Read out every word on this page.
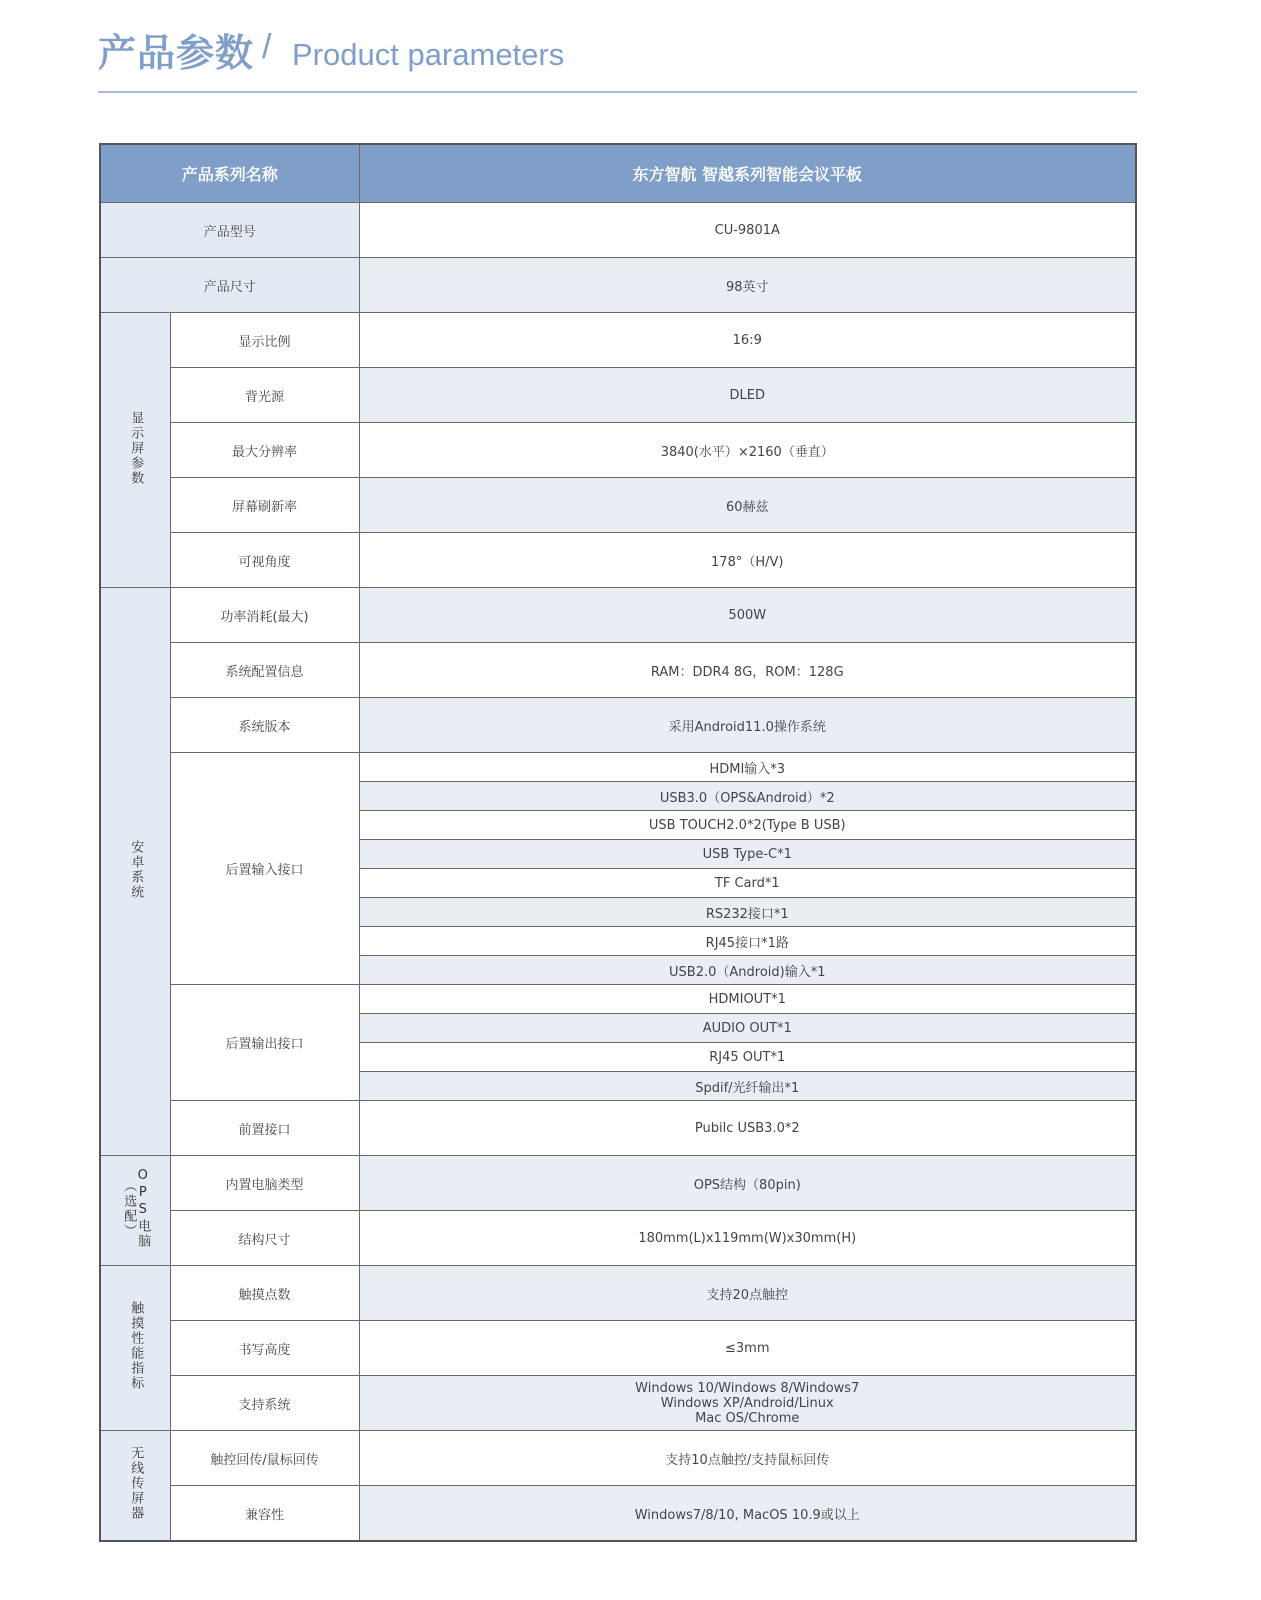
产品参数 / Product parameters
产品系列名称		东方智航 智越系列智能会议平板
产品型号		CU-9801A
产品尺寸		98英寸
显示屏参数	显示比例	16:9
	背光源	DLED
	最大分辨率	3840(水平）×2160（垂直）
	屏幕刷新率	60赫兹
	可视角度	178°（H/V)
安卓系统	功率消耗(最大)	500W
	系统配置信息	RAM：DDR4 8G，ROM：128G
	系统版本	采用Android11.0操作系统
	后置输入接口	HDMI输入*3
		USB3.0（OPS&Android）*2
		USB TOUCH2.0*2(Type B USB)
		USB Type-C*1
		TF Card*1
		RS232接口*1
		RJ45接口*1路
		USB2.0（Android)输入*1
	后置输出接口	HDMIOUT*1
		AUDIO OUT*1
		RJ45 OUT*1
		Spdif/光纤输出*1
	前置接口	Pubilc USB3.0*2
OPS电脑（选配）	内置电脑类型	OPS结构（80pin)
	结构尺寸	180mm(L)x119mm(W)x30mm(H)
触摸性能指标	触摸点数	支持20点触控
	书写高度	≤3mm
	支持系统	Windows 10/Windows 8/Windows7
Windows XP/Android/Linux
Mac OS/Chrome

无线传屏器	触控回传/鼠标回传	支持10点触控/支持鼠标回传
	兼容性	Windows7/8/10, MacOS 10.9或以上
